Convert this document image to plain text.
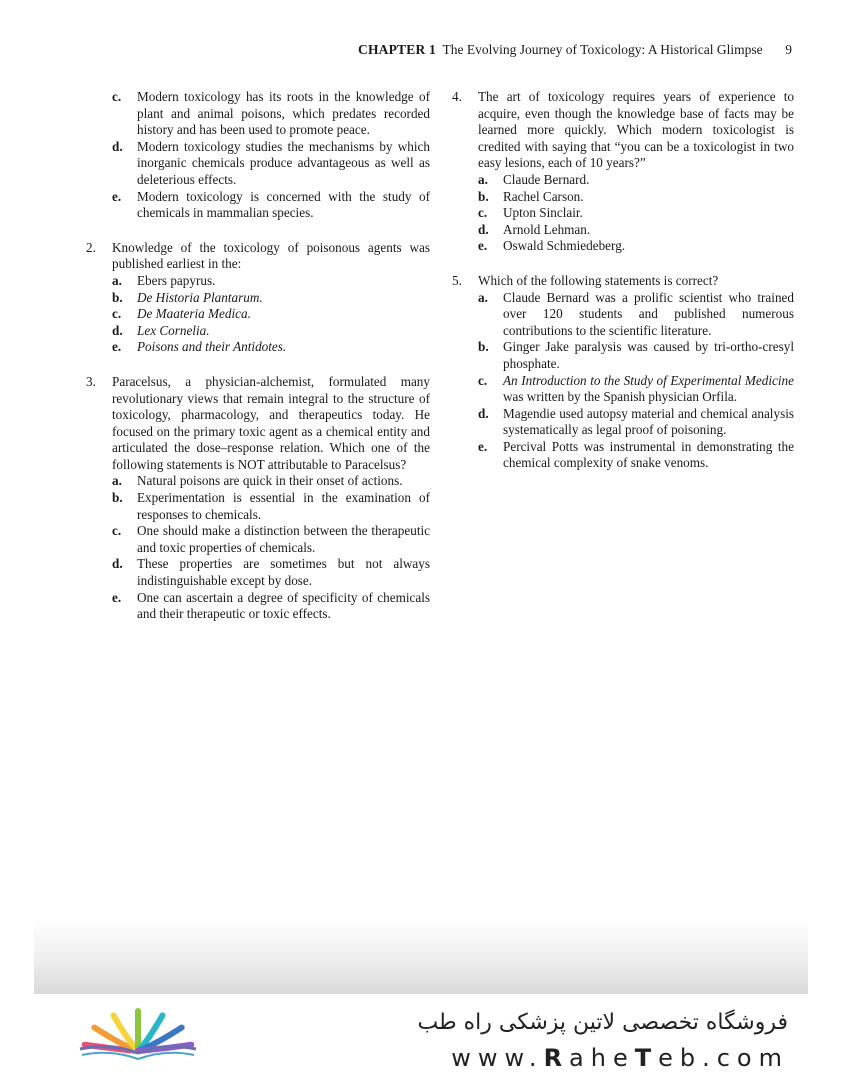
CHAPTER 1 The Evolving Journey of Toxicology: A Historical Glimpse 9
c. Modern toxicology has its roots in the knowledge of plant and animal poisons, which predates recorded history and has been used to promote peace.
d. Modern toxicology studies the mechanisms by which inorganic chemicals produce advantageous as well as deleterious effects.
e. Modern toxicology is concerned with the study of chemicals in mammalian species.
2. Knowledge of the toxicology of poisonous agents was published earliest in the:
a. Ebers papyrus.
b. De Historia Plantarum.
c. De Maateria Medica.
d. Lex Cornelia.
e. Poisons and their Antidotes.
3. Paracelsus, a physician-alchemist, formulated many revolutionary views that remain integral to the structure of toxicology, pharmacology, and therapeutics today. He focused on the primary toxic agent as a chemical entity and articulated the dose–response relation. Which one of the following statements is NOT attributable to Paracelsus?
a. Natural poisons are quick in their onset of actions.
b. Experimentation is essential in the examination of responses to chemicals.
c. One should make a distinction between the therapeutic and toxic properties of chemicals.
d. These properties are sometimes but not always indistinguishable except by dose.
e. One can ascertain a degree of specificity of chemicals and their therapeutic or toxic effects.
4. The art of toxicology requires years of experience to acquire, even though the knowledge base of facts may be learned more quickly. Which modern toxicologist is credited with saying that “you can be a toxicologist in two easy lesions, each of 10 years?”
a. Claude Bernard.
b. Rachel Carson.
c. Upton Sinclair.
d. Arnold Lehman.
e. Oswald Schmiedeberg.
5. Which of the following statements is correct?
a. Claude Bernard was a prolific scientist who trained over 120 students and published numerous contributions to the scientific literature.
b. Ginger Jake paralysis was caused by tri-ortho-cresyl phosphate.
c. An Introduction to the Study of Experimental Medicine was written by the Spanish physician Orfila.
d. Magendie used autopsy material and chemical analysis systematically as legal proof of poisoning.
e. Percival Potts was instrumental in demonstrating the chemical complexity of snake venoms.
فروشگاه تخصصی لاتین پزشکی راه طب
www.RaheTeb.com
